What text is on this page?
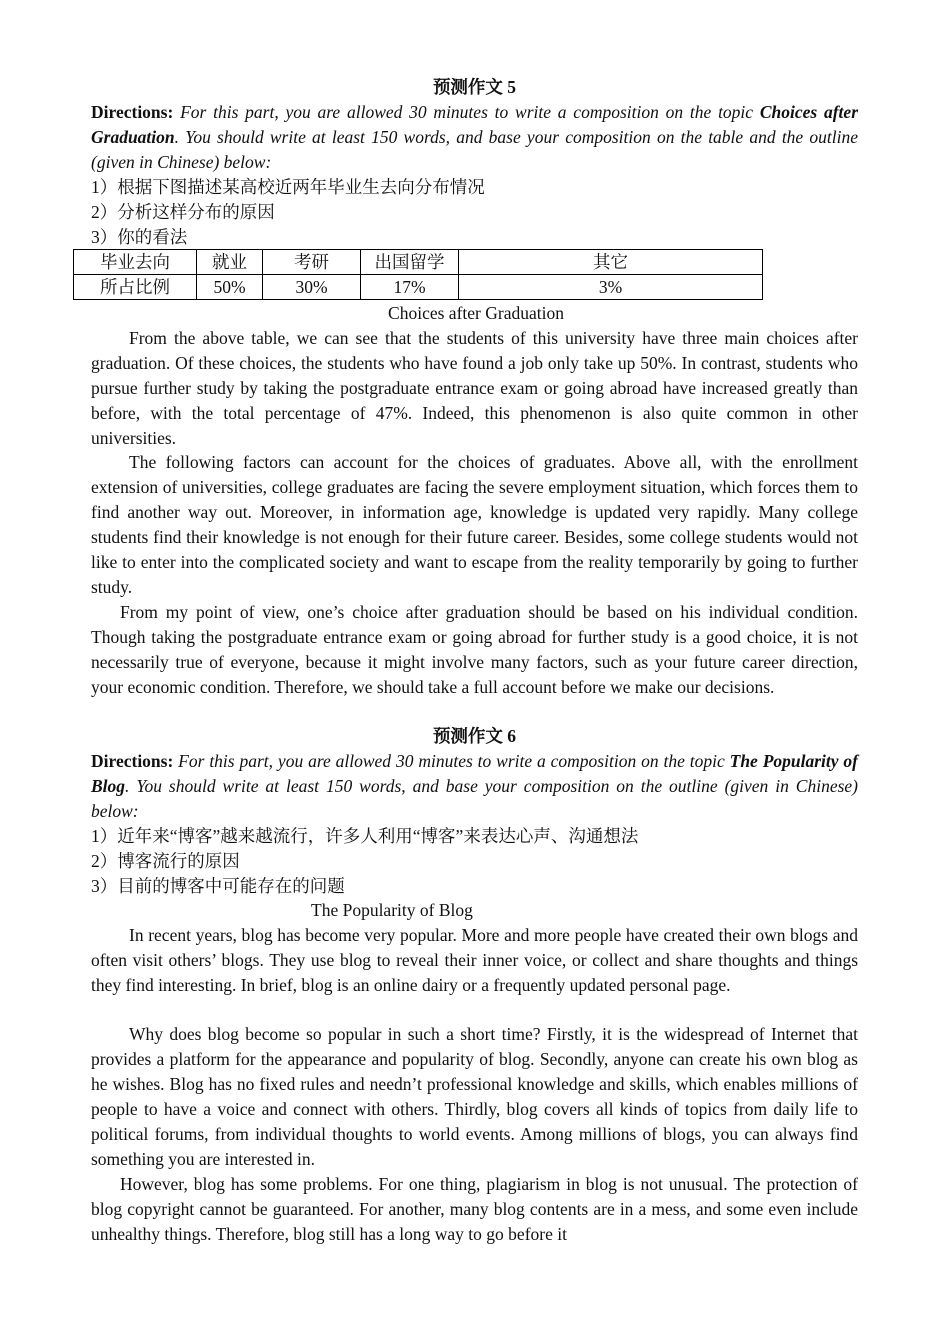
预测作文 5
Directions: For this part, you are allowed 30 minutes to write a composition on the topic Choices after Graduation. You should write at least 150 words, and base your composition on the table and the outline (given in Chinese) below:
1）根据下图描述某高校近两年毕业生去向分布情况
2）分析这样分布的原因
3）你的看法
毕业去向	就业	考研	出国留学	其它
所占比例	50%	30%	17%	3%
Choices after Graduation
From the above table, we can see that the students of this university have three main choices after graduation. Of these choices, the students who have found a job only take up 50%. In contrast, students who pursue further study by taking the postgraduate entrance exam or going abroad have increased greatly than before, with the total percentage of 47%. Indeed, this phenomenon is also quite common in other universities.
The following factors can account for the choices of graduates. Above all, with the enrollment extension of universities, college graduates are facing the severe employment situation, which forces them to find another way out. Moreover, in information age, knowledge is updated very rapidly. Many college students find their knowledge is not enough for their future career. Besides, some college students would not like to enter into the complicated society and want to escape from the reality temporarily by going to further study.
From my point of view, one’s choice after graduation should be based on his individual condition. Though taking the postgraduate entrance exam or going abroad for further study is a good choice, it is not necessarily true of everyone, because it might involve many factors, such as your future career direction, your economic condition. Therefore, we should take a full account before we make our decisions.
预测作文 6
Directions: For this part, you are allowed 30 minutes to write a composition on the topic The Popularity of Blog. You should write at least 150 words, and base your composition on the outline (given in Chinese) below:
1）近年来“博客”越来越流行，许多人利用“博客”来表达心声、沟通想法
2）博客流行的原因
3）目前的博客中可能存在的问题
The Popularity of Blog
In recent years, blog has become very popular. More and more people have created their own blogs and often visit others’ blogs. They use blog to reveal their inner voice, or collect and share thoughts and things they find interesting. In brief, blog is an online dairy or a frequently updated personal page.
Why does blog become so popular in such a short time? Firstly, it is the widespread of Internet that provides a platform for the appearance and popularity of blog. Secondly, anyone can create his own blog as he wishes. Blog has no fixed rules and needn’t professional knowledge and skills, which enables millions of people to have a voice and connect with others. Thirdly, blog covers all kinds of topics from daily life to political forums, from individual thoughts to world events. Among millions of blogs, you can always find something you are interested in.
However, blog has some problems. For one thing, plagiarism in blog is not unusual. The protection of blog copyright cannot be guaranteed. For another, many blog contents are in a mess, and some even include unhealthy things. Therefore, blog still has a long way to go before it
